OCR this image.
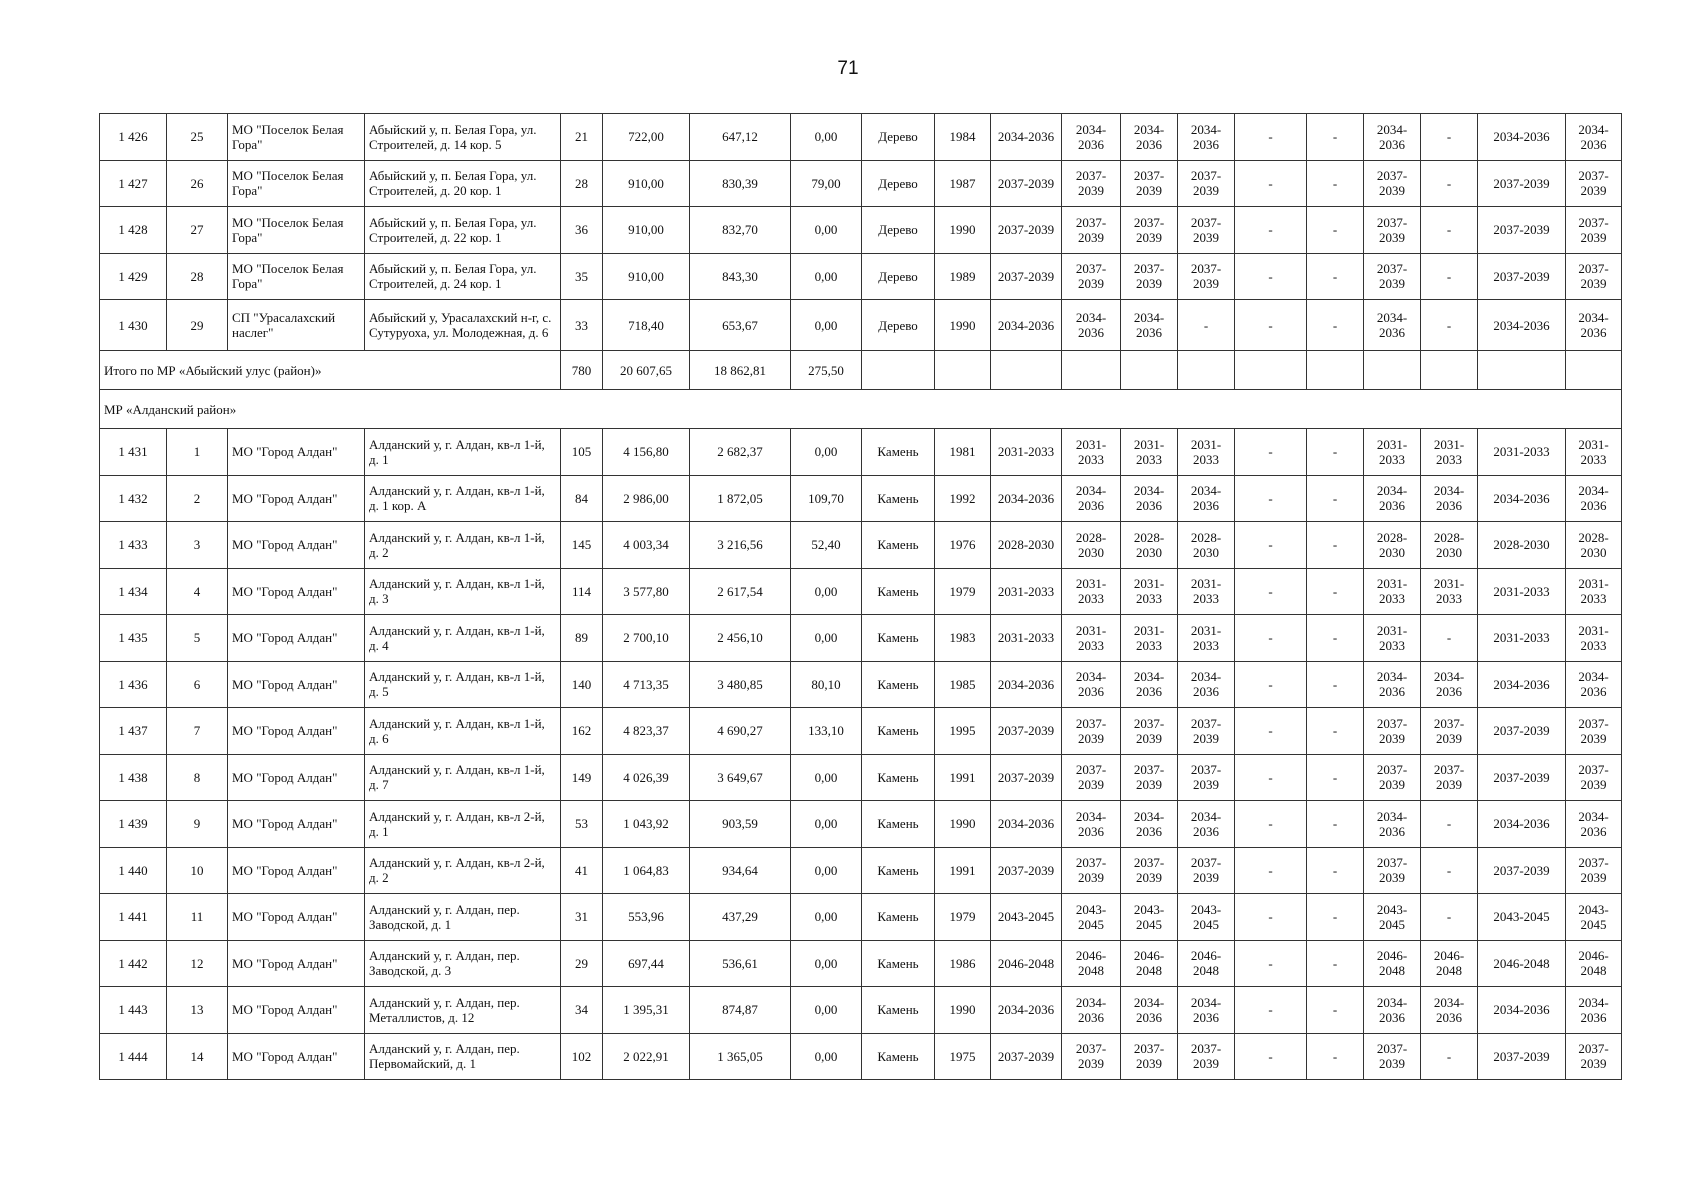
71
1 426	25	МО "Поселок Белая Гора"	Абыйский у, п. Белая Гора, ул. Строителей, д. 14 кор. 5	21	722,00	647,12	0,00	Дерево	1984	2034-2036	2034-2036	2034-2036	2034-2036	-	-	2034-2036	-	2034-2036	2034-2036
1 427	26	МО "Поселок Белая Гора"	Абыйский у, п. Белая Гора, ул. Строителей, д. 20 кор. 1	28	910,00	830,39	79,00	Дерево	1987	2037-2039	2037-2039	2037-2039	2037-2039	-	-	2037-2039	-	2037-2039	2037-2039
1 428	27	МО "Поселок Белая Гора"	Абыйский у, п. Белая Гора, ул. Строителей, д. 22 кор. 1	36	910,00	832,70	0,00	Дерево	1990	2037-2039	2037-2039	2037-2039	2037-2039	-	-	2037-2039	-	2037-2039	2037-2039
1 429	28	МО "Поселок Белая Гора"	Абыйский у, п. Белая Гора, ул. Строителей, д. 24 кор. 1	35	910,00	843,30	0,00	Дерево	1989	2037-2039	2037-2039	2037-2039	2037-2039	-	-	2037-2039	-	2037-2039	2037-2039
1 430	29	СП "Урасалахский наслег"	Абыйский у, Урасалахский н-г, с. Сутуруоха, ул. Молодежная, д. 6	33	718,40	653,67	0,00	Дерево	1990	2034-2036	2034-2036	2034-2036	-	-	-	2034-2036	-	2034-2036	2034-2036
Итого по МР «Абыйский улус (район)»				780	20 607,65	18 862,81	275,50												
МР «Алданский район»																			
1 431	1	МО "Город Алдан"	Алданский у, г. Алдан, кв-л 1-й, д. 1	105	4 156,80	2 682,37	0,00	Камень	1981	2031-2033	2031-2033	2031-2033	2031-2033	-	-	2031-2033	2031-2033	2031-2033	2031-2033
1 432	2	МО "Город Алдан"	Алданский у, г. Алдан, кв-л 1-й, д. 1 кор. А	84	2 986,00	1 872,05	109,70	Камень	1992	2034-2036	2034-2036	2034-2036	2034-2036	-	-	2034-2036	2034-2036	2034-2036	2034-2036
1 433	3	МО "Город Алдан"	Алданский у, г. Алдан, кв-л 1-й, д. 2	145	4 003,34	3 216,56	52,40	Камень	1976	2028-2030	2028-2030	2028-2030	2028-2030	-	-	2028-2030	2028-2030	2028-2030	2028-2030
1 434	4	МО "Город Алдан"	Алданский у, г. Алдан, кв-л 1-й, д. 3	114	3 577,80	2 617,54	0,00	Камень	1979	2031-2033	2031-2033	2031-2033	2031-2033	-	-	2031-2033	2031-2033	2031-2033	2031-2033
1 435	5	МО "Город Алдан"	Алданский у, г. Алдан, кв-л 1-й, д. 4	89	2 700,10	2 456,10	0,00	Камень	1983	2031-2033	2031-2033	2031-2033	2031-2033	-	-	2031-2033	-	2031-2033	2031-2033
1 436	6	МО "Город Алдан"	Алданский у, г. Алдан, кв-л 1-й, д. 5	140	4 713,35	3 480,85	80,10	Камень	1985	2034-2036	2034-2036	2034-2036	2034-2036	-	-	2034-2036	2034-2036	2034-2036	2034-2036
1 437	7	МО "Город Алдан"	Алданский у, г. Алдан, кв-л 1-й, д. 6	162	4 823,37	4 690,27	133,10	Камень	1995	2037-2039	2037-2039	2037-2039	2037-2039	-	-	2037-2039	2037-2039	2037-2039	2037-2039
1 438	8	МО "Город Алдан"	Алданский у, г. Алдан, кв-л 1-й, д. 7	149	4 026,39	3 649,67	0,00	Камень	1991	2037-2039	2037-2039	2037-2039	2037-2039	-	-	2037-2039	2037-2039	2037-2039	2037-2039
1 439	9	МО "Город Алдан"	Алданский у, г. Алдан, кв-л 2-й, д. 1	53	1 043,92	903,59	0,00	Камень	1990	2034-2036	2034-2036	2034-2036	2034-2036	-	-	2034-2036	-	2034-2036	2034-2036
1 440	10	МО "Город Алдан"	Алданский у, г. Алдан, кв-л 2-й, д. 2	41	1 064,83	934,64	0,00	Камень	1991	2037-2039	2037-2039	2037-2039	2037-2039	-	-	2037-2039	-	2037-2039	2037-2039
1 441	11	МО "Город Алдан"	Алданский у, г. Алдан, пер. Заводской, д. 1	31	553,96	437,29	0,00	Камень	1979	2043-2045	2043-2045	2043-2045	2043-2045	-	-	2043-2045	-	2043-2045	2043-2045
1 442	12	МО "Город Алдан"	Алданский у, г. Алдан, пер. Заводской, д. 3	29	697,44	536,61	0,00	Камень	1986	2046-2048	2046-2048	2046-2048	2046-2048	-	-	2046-2048	2046-2048	2046-2048	2046-2048
1 443	13	МО "Город Алдан"	Алданский у, г. Алдан, пер. Металлистов, д. 12	34	1 395,31	874,87	0,00	Камень	1990	2034-2036	2034-2036	2034-2036	2034-2036	-	-	2034-2036	2034-2036	2034-2036	2034-2036
1 444	14	МО "Город Алдан"	Алданский у, г. Алдан, пер. Первомайский, д. 1	102	2 022,91	1 365,05	0,00	Камень	1975	2037-2039	2037-2039	2037-2039	2037-2039	-	-	2037-2039	-	2037-2039	2037-2039
